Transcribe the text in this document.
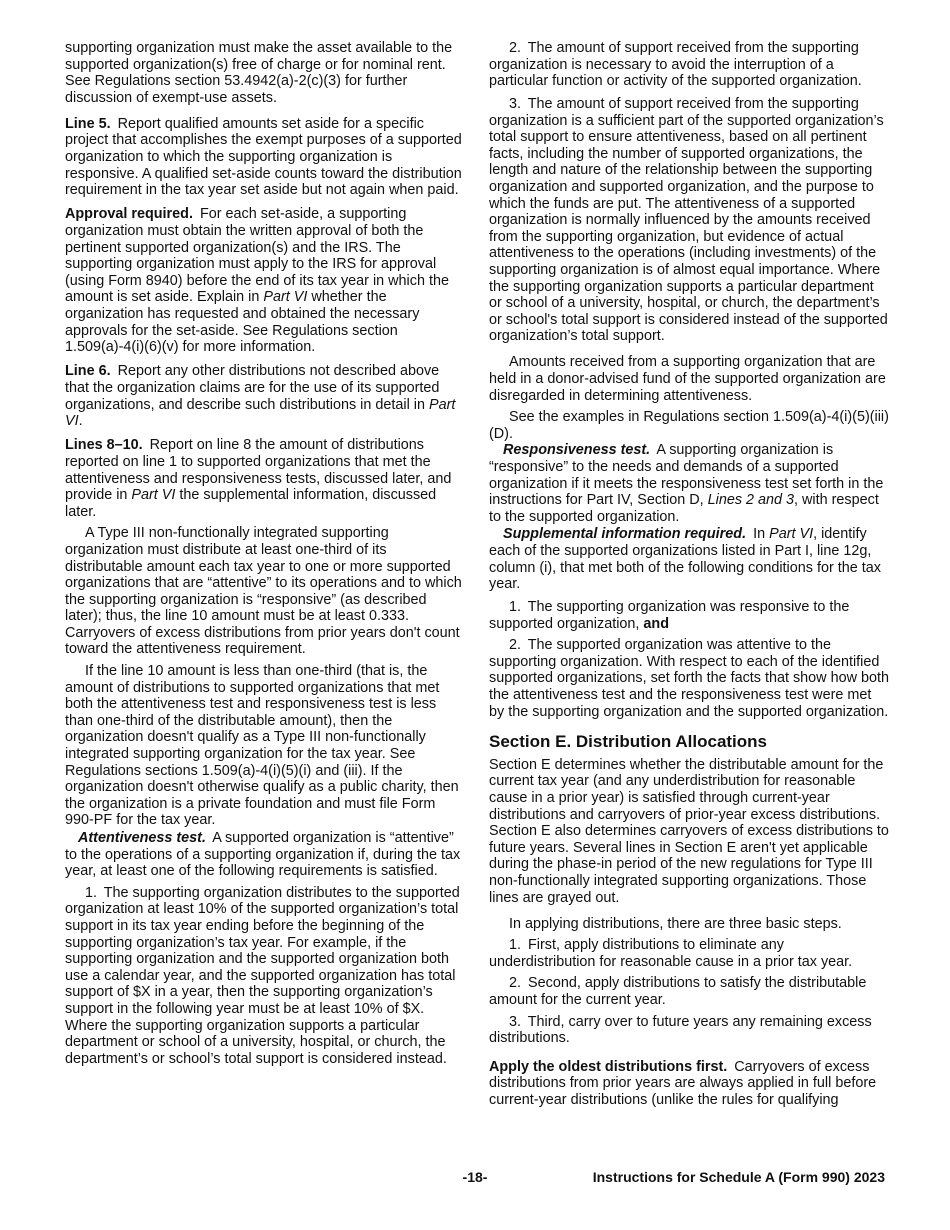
supporting organization must make the asset available to the supported organization(s) free of charge or for nominal rent. See Regulations section 53.4942(a)-2(c)(3) for further discussion of exempt-use assets.

Line 5. Report qualified amounts set aside for a specific project that accomplishes the exempt purposes of a supported organization to which the supporting organization is responsive. A qualified set-aside counts toward the distribution requirement in the tax year set aside but not again when paid.

Approval required. For each set-aside, a supporting organization must obtain the written approval of both the pertinent supported organization(s) and the IRS. The supporting organization must apply to the IRS for approval (using Form 8940) before the end of its tax year in which the amount is set aside. Explain in Part VI whether the organization has requested and obtained the necessary approvals for the set-aside. See Regulations section 1.509(a)-4(i)(6)(v) for more information.

Line 6. Report any other distributions not described above that the organization claims are for the use of its supported organizations, and describe such distributions in detail in Part VI.

Lines 8–10. Report on line 8 the amount of distributions reported on line 1 to supported organizations that met the attentiveness and responsiveness tests, discussed later, and provide in Part VI the supplemental information, discussed later.

A Type III non-functionally integrated supporting organization must distribute at least one-third of its distributable amount each tax year to one or more supported organizations that are “attentive” to its operations and to which the supporting organization is “responsive” (as described later); thus, the line 10 amount must be at least 0.333. Carryovers of excess distributions from prior years don't count toward the attentiveness requirement.

If the line 10 amount is less than one-third (that is, the amount of distributions to supported organizations that met both the attentiveness test and responsiveness test is less than one-third of the distributable amount), then the organization doesn't qualify as a Type III non-functionally integrated supporting organization for the tax year. See Regulations sections 1.509(a)-4(i)(5)(i) and (iii). If the organization doesn't otherwise qualify as a public charity, then the organization is a private foundation and must file Form 990-PF for the tax year.

Attentiveness test. A supported organization is “attentive” to the operations of a supporting organization if, during the tax year, at least one of the following requirements is satisfied.

1. The supporting organization distributes to the supported organization at least 10% of the supported organization’s total support in its tax year ending before the beginning of the supporting organization’s tax year. For example, if the supporting organization and the supported organization both use a calendar year, and the supported organization has total support of $X in a year, then the supporting organization’s support in the following year must be at least 10% of $X. Where the supporting organization supports a particular department or school of a university, hospital, or church, the department’s or school’s total support is considered instead.

2. The amount of support received from the supporting organization is necessary to avoid the interruption of a particular function or activity of the supported organization.

3. The amount of support received from the supporting organization is a sufficient part of the supported organization’s total support to ensure attentiveness, based on all pertinent facts, including the number of supported organizations, the length and nature of the relationship between the supporting organization and supported organization, and the purpose to which the funds are put. The attentiveness of a supported organization is normally influenced by the amounts received from the supporting organization, but evidence of actual attentiveness to the operations (including investments) of the supporting organization is of almost equal importance. Where the supporting organization supports a particular department or school of a university, hospital, or church, the department’s or school's total support is considered instead of the supported organization’s total support.

Amounts received from a supporting organization that are held in a donor-advised fund of the supported organization are disregarded in determining attentiveness.

See the examples in Regulations section 1.509(a)-4(i)(5)(iii)(D).

Responsiveness test. A supporting organization is “responsive” to the needs and demands of a supported organization if it meets the responsiveness test set forth in the instructions for Part IV, Section D, Lines 2 and 3, with respect to the supported organization.

Supplemental information required. In Part VI, identify each of the supported organizations listed in Part I, line 12g, column (i), that met both of the following conditions for the tax year.

1. The supporting organization was responsive to the supported organization, and

2. The supported organization was attentive to the supporting organization. With respect to each of the identified supported organizations, set forth the facts that show how both the attentiveness test and the responsiveness test were met by the supporting organization and the supported organization.

Section E. Distribution Allocations

Section E determines whether the distributable amount for the current tax year (and any underdistribution for reasonable cause in a prior year) is satisfied through current-year distributions and carryovers of prior-year excess distributions. Section E also determines carryovers of excess distributions to future years. Several lines in Section E aren't yet applicable during the phase-in period of the new regulations for Type III non-functionally integrated supporting organizations. Those lines are grayed out.

In applying distributions, there are three basic steps.

1. First, apply distributions to eliminate any underdistribution for reasonable cause in a prior tax year.

2. Second, apply distributions to satisfy the distributable amount for the current year.

3. Third, carry over to future years any remaining excess distributions.

Apply the oldest distributions first. Carryovers of excess distributions from prior years are always applied in full before current-year distributions (unlike the rules for qualifying

-18-	Instructions for Schedule A (Form 990) 2023
